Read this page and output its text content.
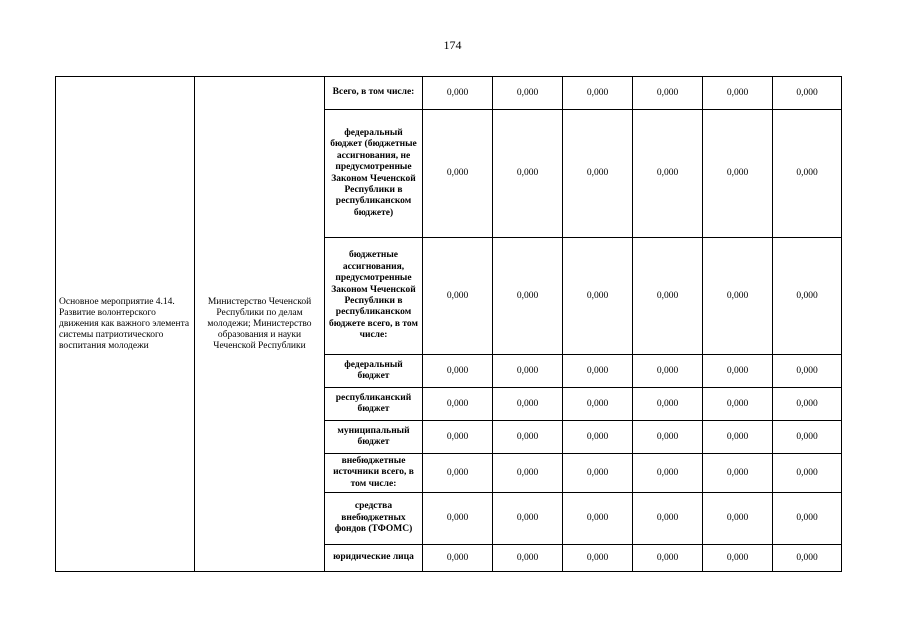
174
Основное мероприятие 4.14. Развитие волонтерского движения как важного элемента системы патриотического воспитания молодежи	Министерство Чеченской Республики по делам молодежи; Министерство образования и науки Чеченской Республики	Всего, в том числе:	0,000	0,000	0,000	0,000	0,000	0,000
		федеральный бюджет (бюджетные ассигнования, не предусмотренные Законом Чеченской Республики в республиканском бюджете)	0,000	0,000	0,000	0,000	0,000	0,000
		бюджетные ассигнования, предусмотренные Законом Чеченской Республики в республиканском бюджете всего, в том числе:	0,000	0,000	0,000	0,000	0,000	0,000
		федеральный бюджет	0,000	0,000	0,000	0,000	0,000	0,000
		республиканский бюджет	0,000	0,000	0,000	0,000	0,000	0,000
		муниципальный бюджет	0,000	0,000	0,000	0,000	0,000	0,000
		внебюджетные источники всего, в том числе:	0,000	0,000	0,000	0,000	0,000	0,000
		средства внебюджетных фондов (ТФОМС)	0,000	0,000	0,000	0,000	0,000	0,000
		юридические лица	0,000	0,000	0,000	0,000	0,000	0,000
